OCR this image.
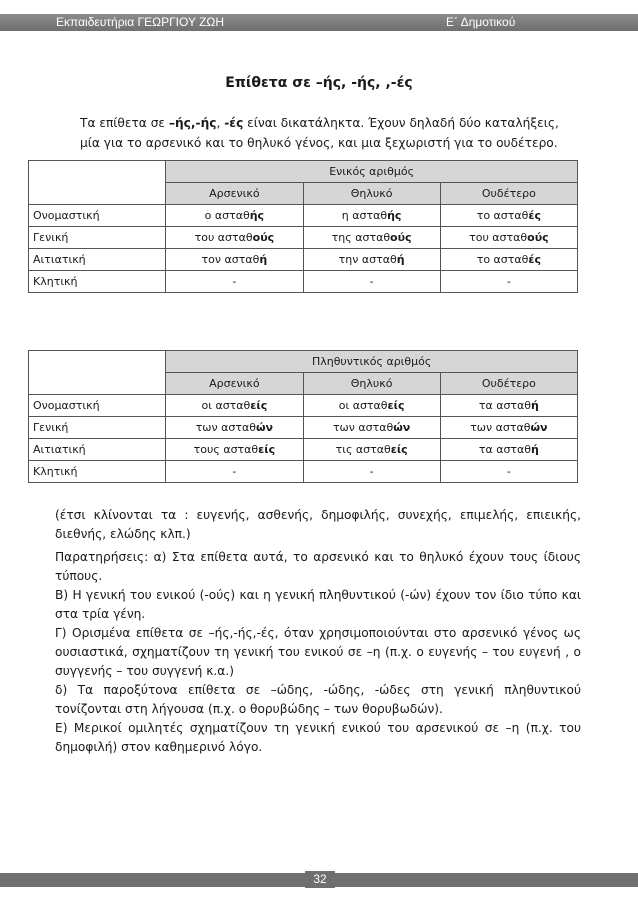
Εκπαιδευτήρια ΓΕΩΡΓΙΟΥ ΖΩΗ	Ε΄ Δημοτικού
Επίθετα σε –ής, -ής, ,-ές
Τα επίθετα σε –ής,-ής, -ές είναι δικατάληκτα. Έχουν δηλαδή δύο καταλήξεις, μία για το αρσενικό και το θηλυκό γένος, και μια ξεχωριστή για το ουδέτερο.
	Ενικός αριθμός		
	Αρσενικό	Θηλυκό	Ουδέτερο
Ονομαστική	ο ασταθής	η ασταθής	το ασταθές
Γενική	του ασταθούς	της ασταθούς	του ασταθούς
Αιτιατική	τον ασταθή	την ασταθή	το ασταθές
Κλητική	-	-	-
	Πληθυντικός αριθμός		
	Αρσενικό	Θηλυκό	Ουδέτερο
Ονομαστική	οι ασταθείς	οι ασταθείς	τα ασταθή
Γενική	των ασταθών	των ασταθών	των ασταθών
Αιτιατική	τους ασταθείς	τις ασταθείς	τα ασταθή
Κλητική	-	-	-
(έτσι κλίνονται τα : ευγενής, ασθενής, δημοφιλής, συνεχής, επιμελής, επιεικής, διεθνής, ελώδης κλπ.)

Παρατηρήσεις: α) Στα επίθετα αυτά, το αρσενικό και το θηλυκό έχουν τους ίδιους τύπους.

Β) Η γενική του ενικού (-ούς) και η γενική πληθυντικού (-ών) έχουν τον ίδιο τύπο και στα τρία γένη.

Γ) Ορισμένα επίθετα σε –ής,-ής,-ές, όταν χρησιμοποιούνται στο αρσενικό γένος ως ουσιαστικά, σχηματίζουν τη γενική του ενικού σε –η (π.χ. ο ευγενής – του ευγενή , ο συγγενής – του συγγενή κ.α.)

δ) Τα παροξύτονα επίθετα σε –ώδης, -ώδης, -ώδες στη γενική πληθυντικού τονίζονται στη λήγουσα (π.χ. ο θορυβώδης – των θορυβωδών).

Ε) Μερικοί ομιλητές σχηματίζουν τη γενική ενικού του αρσενικού σε –η (π.χ. του δημοφιλή) στον καθημερινό λόγο.

32
